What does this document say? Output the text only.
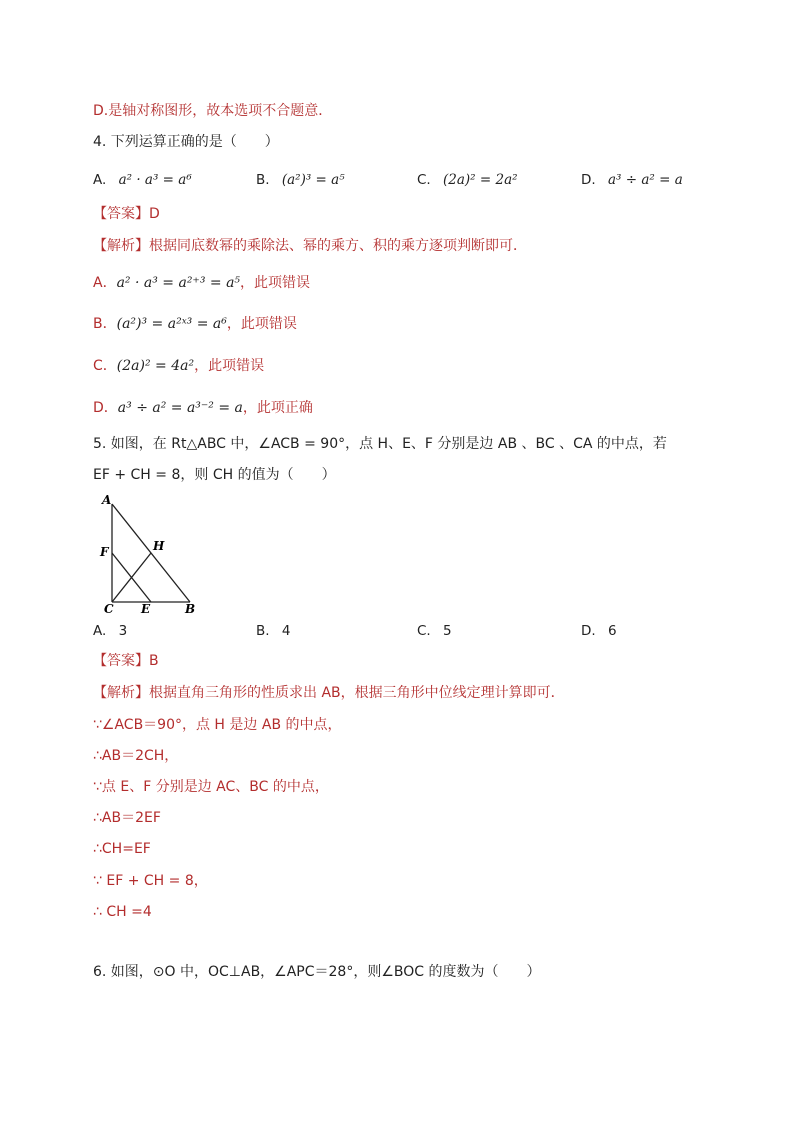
D.是轴对称图形，故本选项不合题意．
4. 下列运算正确的是（　　）
A. a² · a³ = a⁶	B. (a²)³ = a⁵	C. (2a)² = 2a²	D. a³ ÷ a² = a
【答案】D
【解析】根据同底数幂的乘除法、幂的乘方、积的乘方逐项判断即可．
A．a² · a³ = a²⁺³ = a⁵，此项错误
B．(a²)³ = a²ˣ³ = a⁶，此项错误
C．(2a)² = 4a²，此项错误
D．a³ ÷ a² = a³⁻² = a，此项正确
5. 如图，在 Rt△ABC 中，∠ACB = 90°，点 H、E、F 分别是边 AB 、BC 、CA 的中点，若
EF + CH = 8，则 CH 的值为（　　）
A
F	H
C E	B
A. 3	B. 4	C. 5	D. 6
【答案】B
【解析】根据直角三角形的性质求出 AB，根据三角形中位线定理计算即可．
∵∠ACB＝90°，点 H 是边 AB 的中点，
∴AB＝2CH，
∵点 E、F 分别是边 AC、BC 的中点，
∴AB＝2EF
∴CH=EF
∵ EF + CH = 8，
∴ CH =4
6. 如图，⊙O 中，OC⊥AB，∠APC＝28°，则∠BOC 的度数为（　　）
